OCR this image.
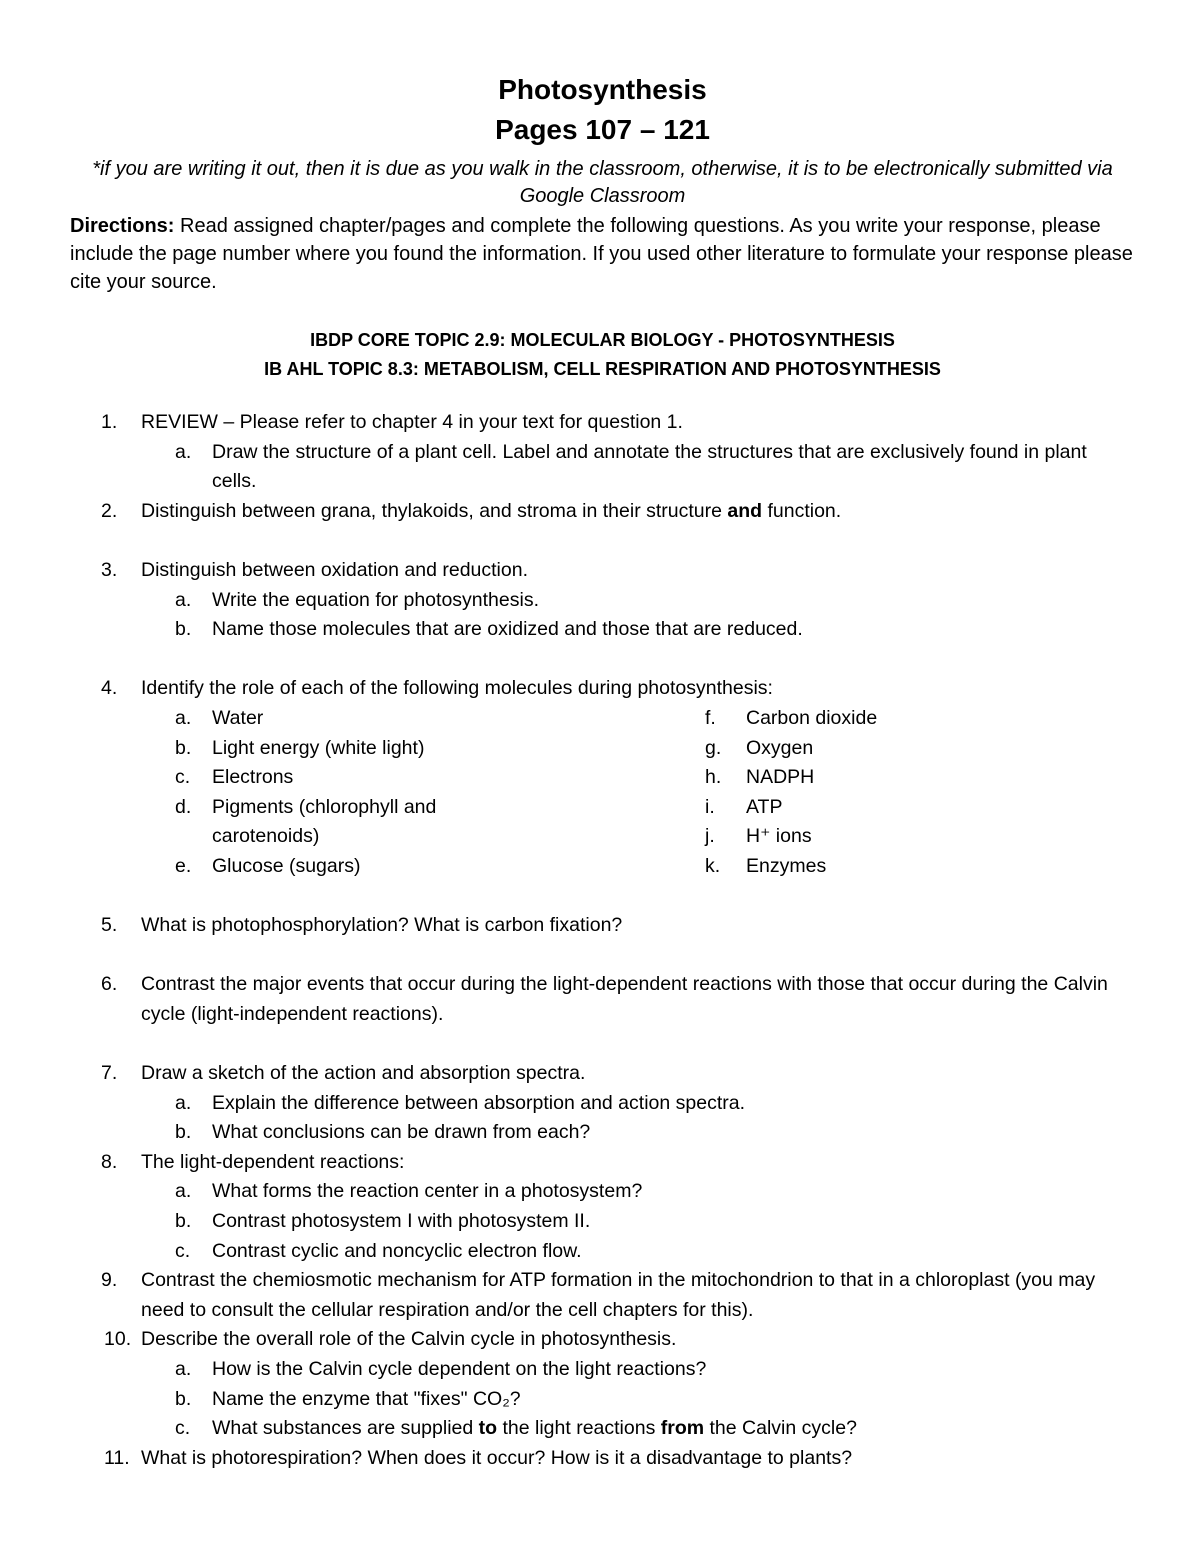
Photosynthesis

Pages 107 – 121

*if you are writing it out, then it is due as you walk in the classroom, otherwise, it is to be electronically submitted via Google Classroom

Directions: Read assigned chapter/pages and complete the following questions. As you write your response, please include the page number where you found the information. If you used other literature to formulate your response please cite your source.

IBDP CORE TOPIC 2.9: MOLECULAR BIOLOGY - PHOTOSYNTHESIS

IB AHL TOPIC 8.3: METABOLISM, CELL RESPIRATION AND PHOTOSYNTHESIS

1.	REVIEW – Please refer to chapter 4 in your text for question 1.
a. Draw the structure of a plant cell. Label and annotate the structures that are exclusively found in plant cells.
2.	Distinguish between grana, thylakoids, and stroma in their structure and function.
3.	Distinguish between oxidation and reduction.
a. Write the equation for photosynthesis.
b. Name those molecules that are oxidized and those that are reduced.
4.	Identify the role of each of the following molecules during photosynthesis:
a. Water
b. Light energy (white light)
c. Electrons
d. Pigments (chlorophyll and carotenoids)
e. Glucose (sugars)
f.	Carbon dioxide
g.	Oxygen
h.	NADPH
i.	ATP
j.	H⁺ ions
k.	Enzymes
5.	What is photophosphorylation? What is carbon fixation?
6.	Contrast the major events that occur during the light-dependent reactions with those that occur during the Calvin cycle (light-independent reactions).
7.	Draw a sketch of the action and absorption spectra.
a. Explain the difference between absorption and action spectra.
b. What conclusions can be drawn from each?
8.	The light-dependent reactions:
a. What forms the reaction center in a photosystem?
b. Contrast photosystem I with photosystem II.
c. Contrast cyclic and noncyclic electron flow.
9.	Contrast the chemiosmotic mechanism for ATP formation in the mitochondrion to that in a chloroplast (you may need to consult the cellular respiration and/or the cell chapters for this).
10. Describe the overall role of the Calvin cycle in photosynthesis.
a. How is the Calvin cycle dependent on the light reactions?
b. Name the enzyme that "fixes" CO₂?
c. What substances are supplied to the light reactions from the Calvin cycle?
11. What is photorespiration? When does it occur? How is it a disadvantage to plants?
